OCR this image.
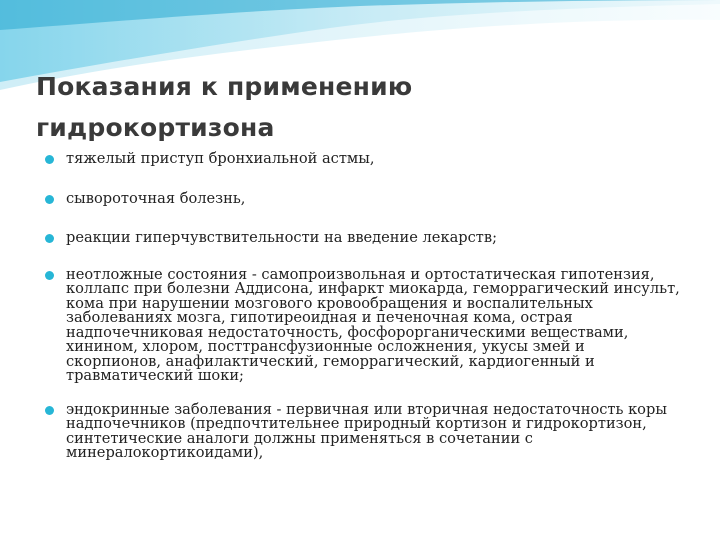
Показания к применению
гидрокортизона
тяжелый приступ бронхиальной астмы,
сывороточная болезнь,
реакции гиперчувствительности на введение лекарств;
неотложные состояния - самопроизвольная и ортостатическая гипотензия, коллапс при болезни Аддисона, инфаркт миокарда, геморрагический инсульт, кома при нарушении мозгового кровообращения и воспалительных заболеваниях мозга, гипотиреоидная и печеночная кома, острая надпочечниковая недостаточность, фосфорорганическими веществами, хинином, хлором, посттрансфузионные осложнения, укусы змей и скорпионов, анафилактический, геморрагический, кардиогенный и травматический шоки;
эндокринные заболевания - первичная или вторичная недостаточность коры надпочечников (предпочтительнее природный кортизон и гидрокортизон, синтетические аналоги должны применяться в сочетании с минералокортикоидами),
